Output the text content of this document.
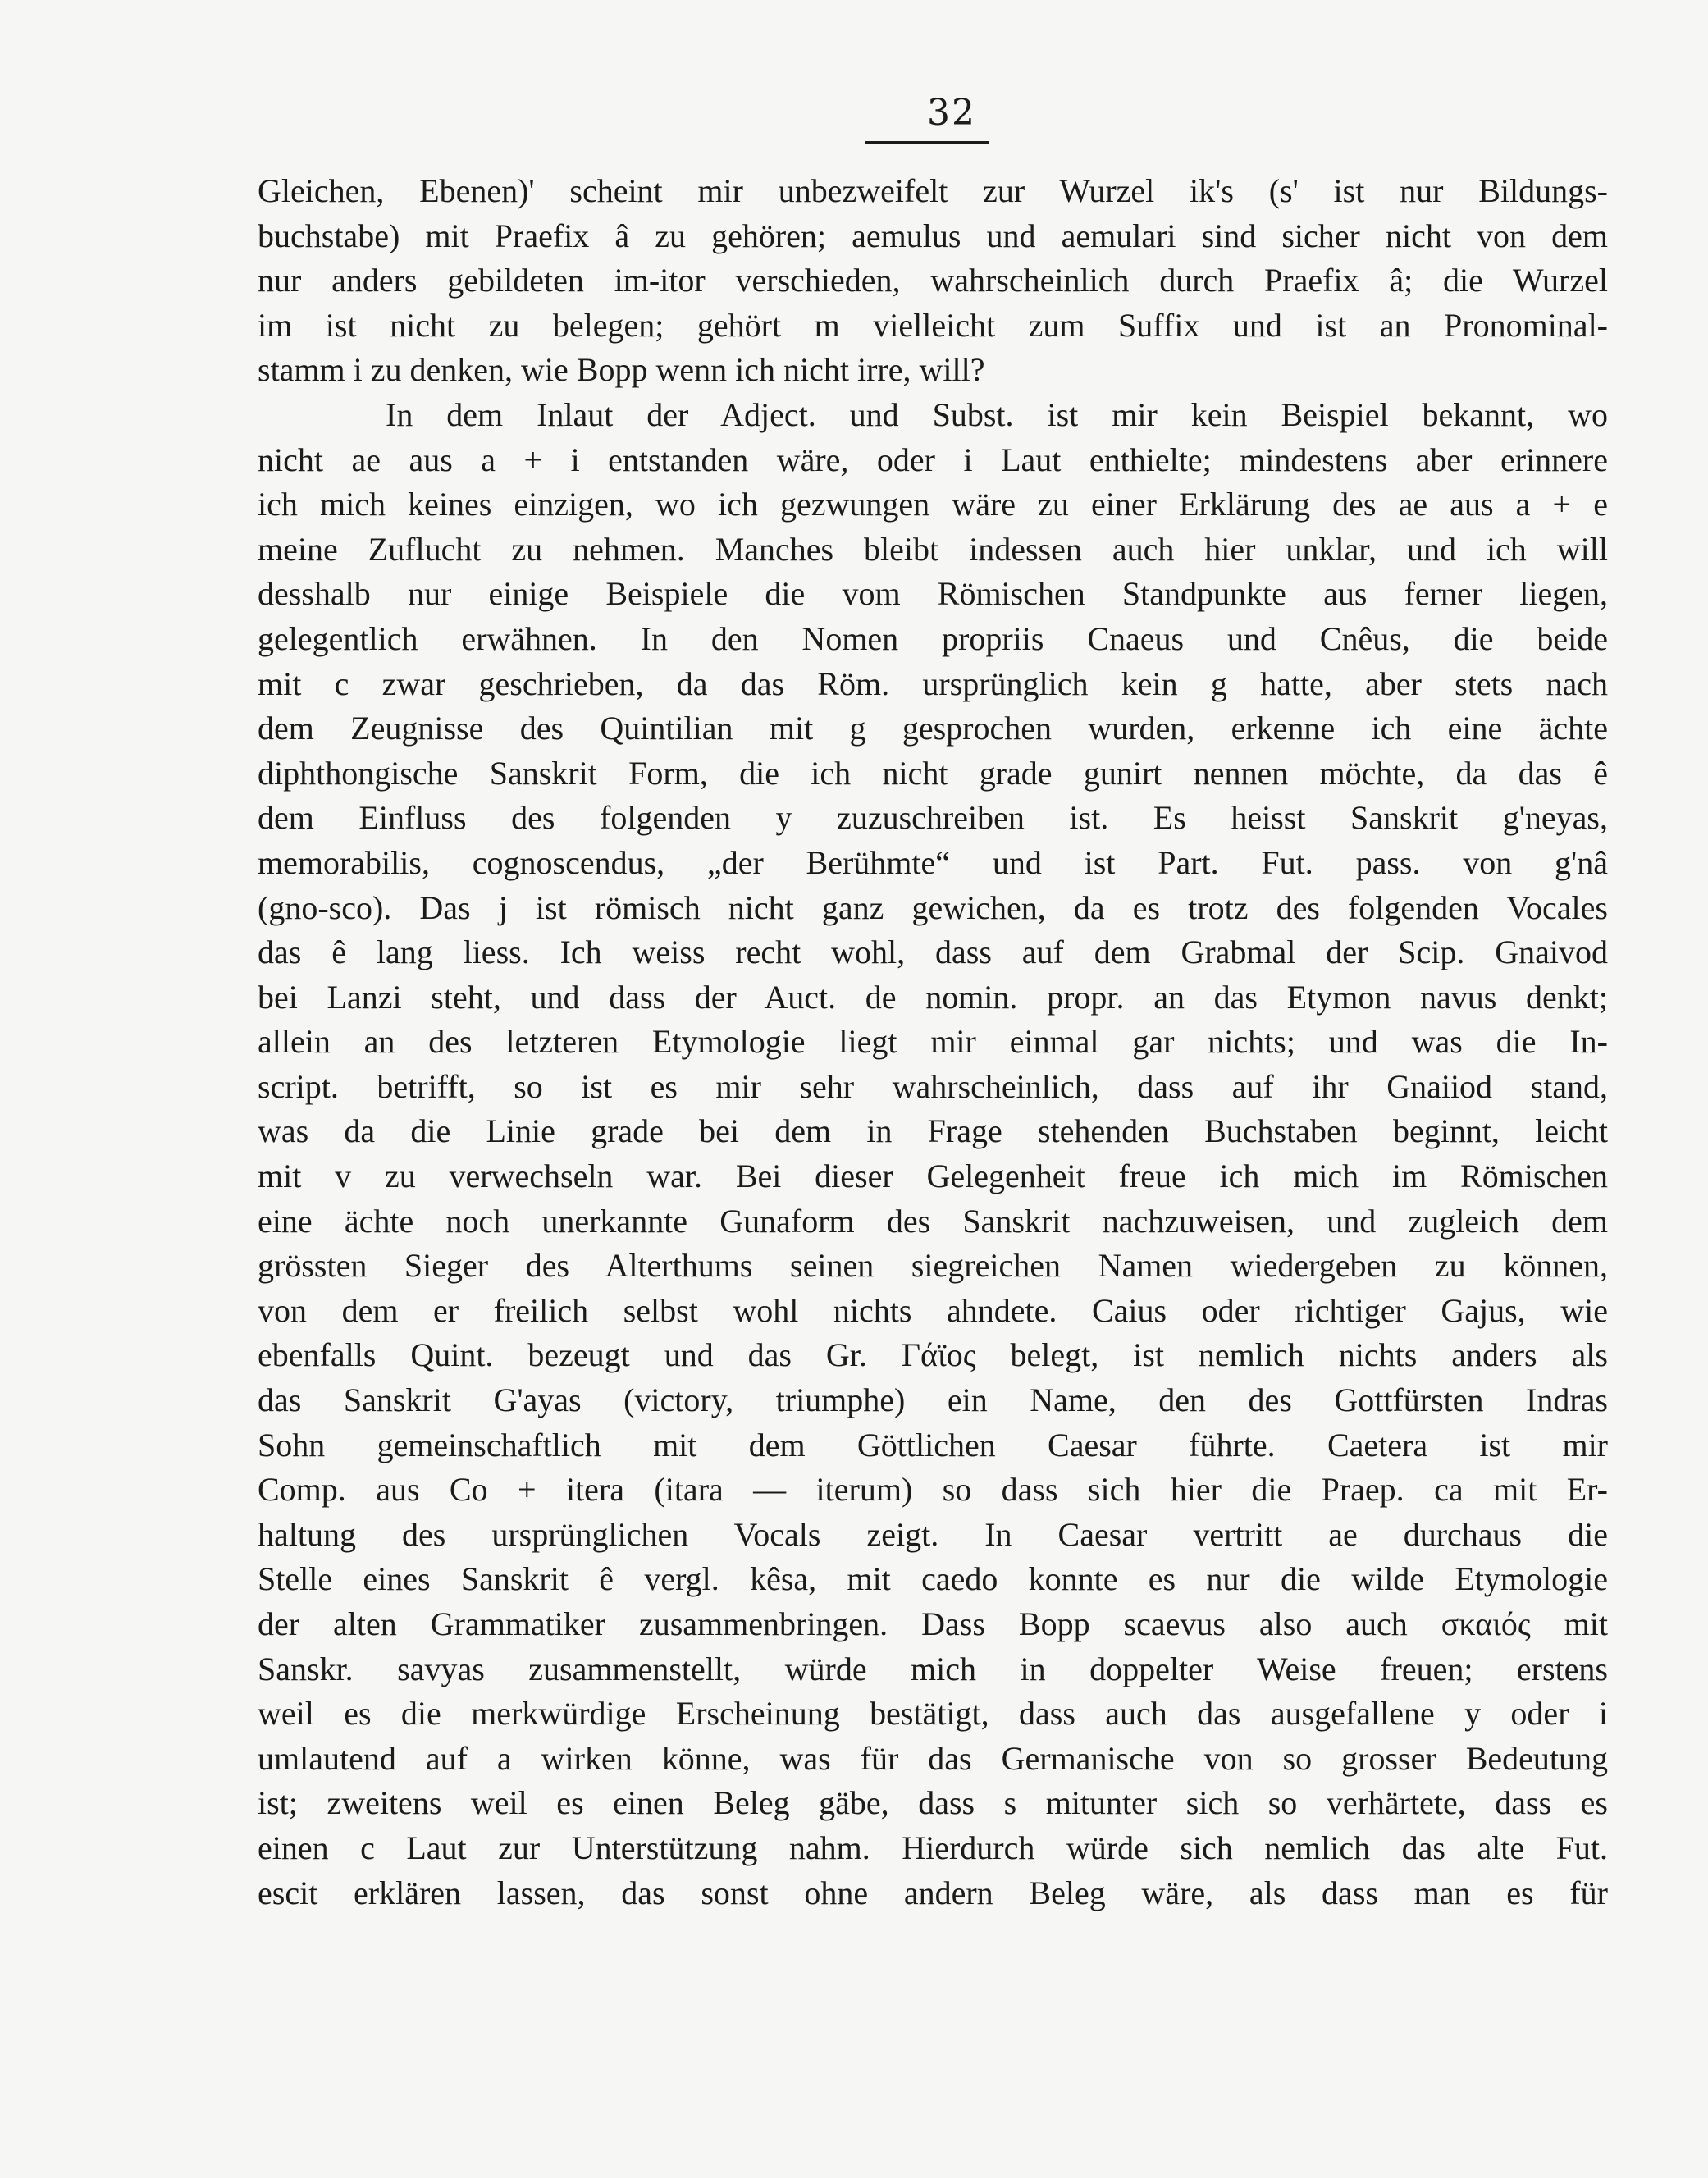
32
Gleichen, Ebenen)' scheint mir unbezweifelt zur Wurzel ik's (s' ist nur Bildungs-
buchstabe) mit Praefix â zu gehören; aemulus und aemulari sind sicher nicht von dem
nur anders gebildeten im-itor verschieden, wahrscheinlich durch Praefix â; die Wurzel
im ist nicht zu belegen; gehört m vielleicht zum Suffix und ist an Pronominal-
stamm i zu denken, wie Bopp wenn ich nicht irre, will?
In dem Inlaut der Adject. und Subst. ist mir kein Beispiel bekannt, wo
nicht ae aus a + i entstanden wäre, oder i Laut enthielte; mindestens aber erinnere
ich mich keines einzigen, wo ich gezwungen wäre zu einer Erklärung des ae aus a + e
meine Zuflucht zu nehmen. Manches bleibt indessen auch hier unklar, und ich will
desshalb nur einige Beispiele die vom Römischen Standpunkte aus ferner liegen,
gelegentlich erwähnen. In den Nomen propriis Cnaeus und Cnêus, die beide
mit c zwar geschrieben, da das Röm. ursprünglich kein g hatte, aber stets nach
dem Zeugnisse des Quintilian mit g gesprochen wurden, erkenne ich eine ächte
diphthongische Sanskrit Form, die ich nicht grade gunirt nennen möchte, da das ê
dem Einfluss des folgenden y zuzuschreiben ist. Es heisst Sanskrit g'neyas,
memorabilis, cognoscendus, „der Berühmte“ und ist Part. Fut. pass. von g'nâ
(gno-sco). Das j ist römisch nicht ganz gewichen, da es trotz des folgenden Vocales
das ê lang liess. Ich weiss recht wohl, dass auf dem Grabmal der Scip. Gnaivod
bei Lanzi steht, und dass der Auct. de nomin. propr. an das Etymon navus denkt;
allein an des letzteren Etymologie liegt mir einmal gar nichts; und was die In-
script. betrifft, so ist es mir sehr wahrscheinlich, dass auf ihr Gnaiiod stand,
was da die Linie grade bei dem in Frage stehenden Buchstaben beginnt, leicht
mit v zu verwechseln war. Bei dieser Gelegenheit freue ich mich im Römischen
eine ächte noch unerkannte Gunaform des Sanskrit nachzuweisen, und zugleich dem
grössten Sieger des Alterthums seinen siegreichen Namen wiedergeben zu können,
von dem er freilich selbst wohl nichts ahndete. Caius oder richtiger Gajus, wie
ebenfalls Quint. bezeugt und das Gr. Γάϊος belegt, ist nemlich nichts anders als
das Sanskrit G'ayas (victory, triumphe) ein Name, den des Gottfürsten Indras
Sohn gemeinschaftlich mit dem Göttlichen Caesar führte. Caetera ist mir
Comp. aus Co + itera (itara — iterum) so dass sich hier die Praep. ca mit Er-
haltung des ursprünglichen Vocals zeigt. In Caesar vertritt ae durchaus die
Stelle eines Sanskrit ê vergl. kêsa, mit caedo konnte es nur die wilde Etymologie
der alten Grammatiker zusammenbringen. Dass Bopp scaevus also auch σκαιός mit
Sanskr. savyas zusammenstellt, würde mich in doppelter Weise freuen; erstens
weil es die merkwürdige Erscheinung bestätigt, dass auch das ausgefallene y oder i
umlautend auf a wirken könne, was für das Germanische von so grosser Bedeutung
ist; zweitens weil es einen Beleg gäbe, dass s mitunter sich so verhärtete, dass es
einen c Laut zur Unterstützung nahm. Hierdurch würde sich nemlich das alte Fut.
escit erklären lassen, das sonst ohne andern Beleg wäre, als dass man es für
